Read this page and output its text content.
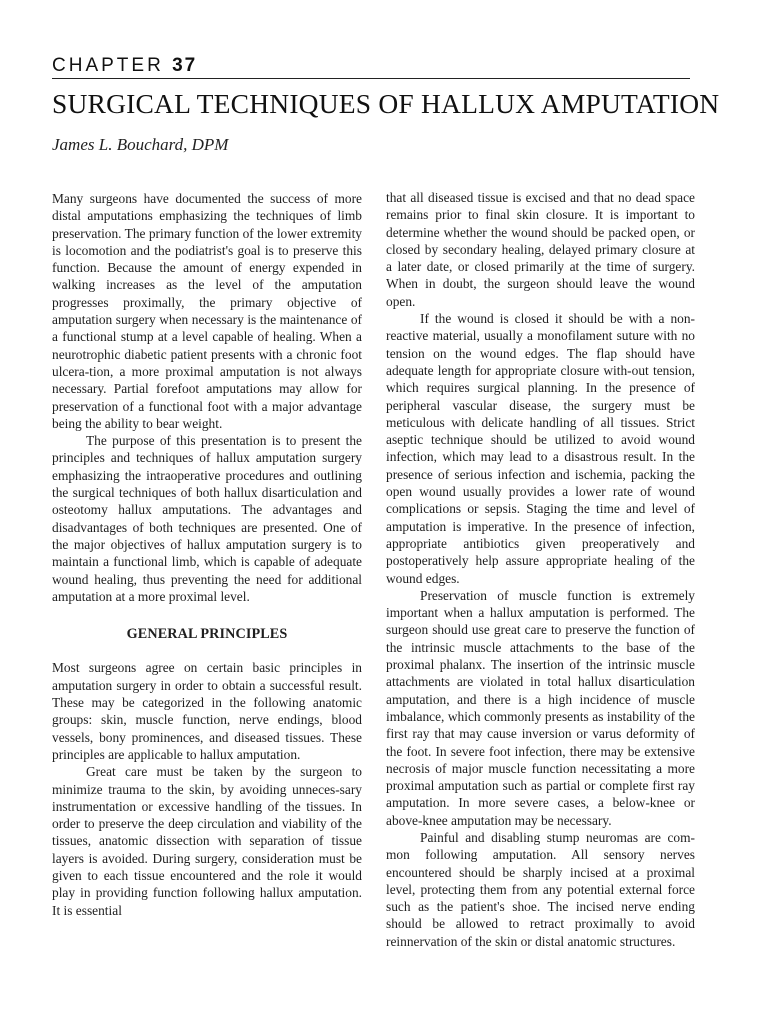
CHAPTER 37
SURGICAL TECHNIQUES OF HALLUX AMPUTATION
James L. Bouchard, DPM

Many surgeons have documented the success of more distal amputations emphasizing the techniques of limb preservation. The primary function of the lower extremity is locomotion and the podiatrist's goal is to preserve this function. Because the amount of energy expended in walking increases as the level of the amputation progresses proximally, the primary objective of amputation surgery when necessary is the maintenance of a functional stump at a level capable of healing. When a neurotrophic diabetic patient presents with a chronic foot ulcera-tion, a more proximal amputation is not always necessary. Partial forefoot amputations may allow for preservation of a functional foot with a major advantage being the ability to bear weight.

The purpose of this presentation is to present the principles and techniques of hallux amputation surgery emphasizing the intraoperative procedures and outlining the surgical techniques of both hallux disarticulation and osteotomy hallux amputations. The advantages and disadvantages of both techniques are presented. One of the major objectives of hallux amputation surgery is to maintain a functional limb, which is capable of adequate wound healing, thus preventing the need for additional amputation at a more proximal level.

GENERAL PRINCIPLES

Most surgeons agree on certain basic principles in amputation surgery in order to obtain a successful result. These may be categorized in the following anatomic groups: skin, muscle function, nerve endings, blood vessels, bony prominences, and diseased tissues. These principles are applicable to hallux amputation.

Great care must be taken by the surgeon to minimize trauma to the skin, by avoiding unneces-sary instrumentation or excessive handling of the tissues. In order to preserve the deep circulation and viability of the tissues, anatomic dissection with separation of tissue layers is avoided. During surgery, consideration must be given to each tissue encountered and the role it would play in providing function following hallux amputation. It is essential

that all diseased tissue is excised and that no dead space remains prior to final skin closure. It is important to determine whether the wound should be packed open, or closed by secondary healing, delayed primary closure at a later date, or closed primarily at the time of surgery. When in doubt, the surgeon should leave the wound open.

If the wound is closed it should be with a non-reactive material, usually a monofilament suture with no tension on the wound edges. The flap should have adequate length for appropriate closure with-out tension, which requires surgical planning. In the presence of peripheral vascular disease, the surgery must be meticulous with delicate handling of all tissues. Strict aseptic technique should be utilized to avoid wound infection, which may lead to a disastrous result. In the presence of serious infection and ischemia, packing the open wound usually provides a lower rate of wound complications or sepsis. Staging the time and level of amputation is imperative. In the presence of infection, appropriate antibiotics given preoperatively and postoperatively help assure appropriate healing of the wound edges.

Preservation of muscle function is extremely important when a hallux amputation is performed. The surgeon should use great care to preserve the function of the intrinsic muscle attachments to the base of the proximal phalanx. The insertion of the intrinsic muscle attachments are violated in total hallux disarticulation amputation, and there is a high incidence of muscle imbalance, which commonly presents as instability of the first ray that may cause inversion or varus deformity of the foot. In severe foot infection, there may be extensive necrosis of major muscle function necessitating a more proximal amputation such as partial or complete first ray amputation. In more severe cases, a below-knee or above-knee amputation may be necessary.

Painful and disabling stump neuromas are com-mon following amputation. All sensory nerves encountered should be sharply incised at a proximal level, protecting them from any potential external force such as the patient's shoe. The incised nerve ending should be allowed to retract proximally to avoid reinnervation of the skin or distal anatomic structures.
